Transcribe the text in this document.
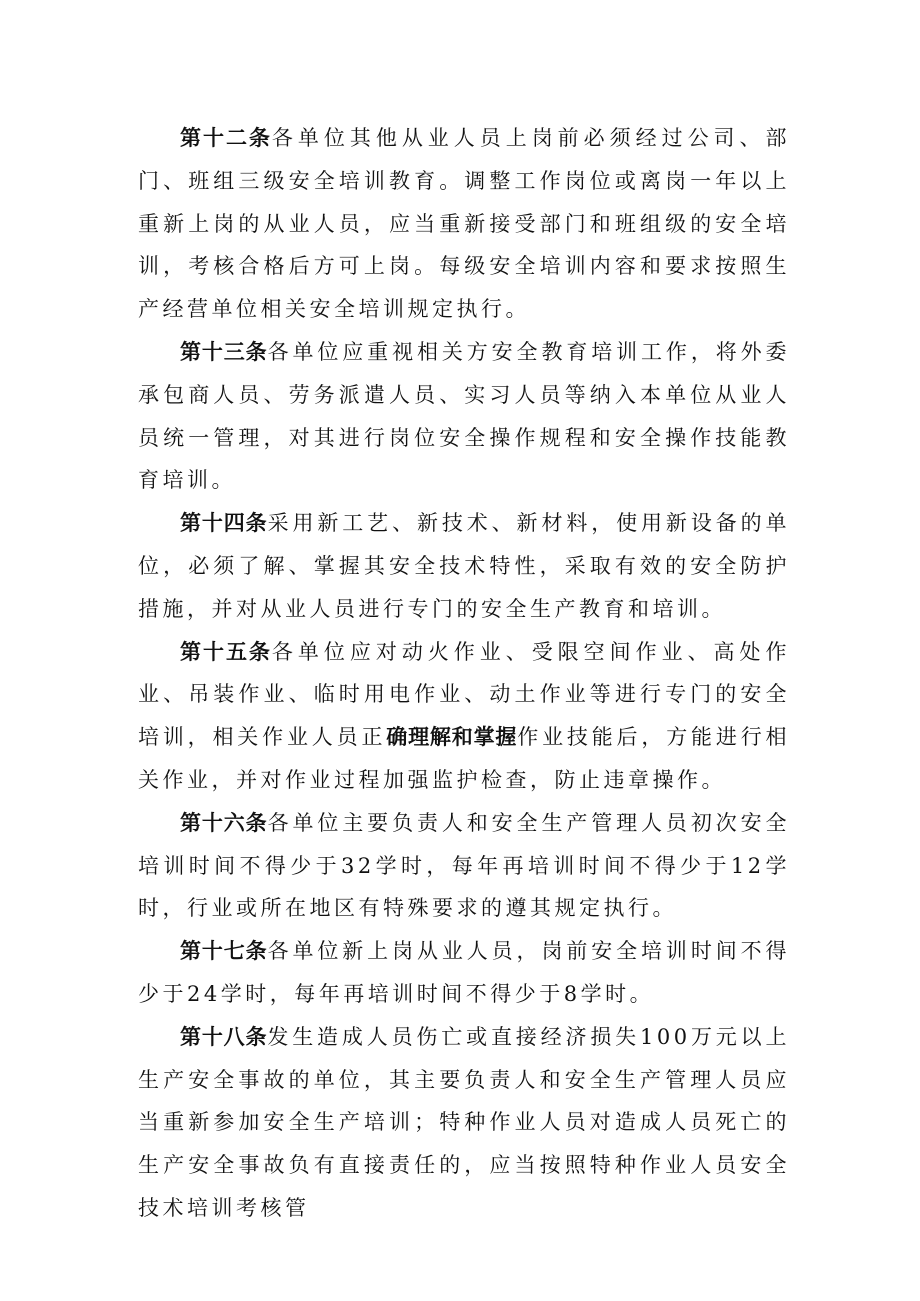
第十二条各单位其他从业人员上岗前必须经过公司、部门、班组三级安全培训教育。调整工作岗位或离岗一年以上重新上岗的从业人员，应当重新接受部门和班组级的安全培训，考核合格后方可上岗。每级安全培训内容和要求按照生产经营单位相关安全培训规定执行。

第十三条各单位应重视相关方安全教育培训工作，将外委承包商人员、劳务派遣人员、实习人员等纳入本单位从业人员统一管理，对其进行岗位安全操作规程和安全操作技能教育培训。

第十四条采用新工艺、新技术、新材料，使用新设备的单位，必须了解、掌握其安全技术特性，采取有效的安全防护措施，并对从业人员进行专门的安全生产教育和培训。

第十五条各单位应对动火作业、受限空间作业、高处作业、吊装作业、临时用电作业、动土作业等进行专门的安全培训，相关作业人员正确理解和掌握作业技能后，方能进行相关作业，并对作业过程加强监护检查，防止违章操作。

第十六条各单位主要负责人和安全生产管理人员初次安全培训时间不得少于32学时，每年再培训时间不得少于12学时，行业或所在地区有特殊要求的遵其规定执行。

第十七条各单位新上岗从业人员，岗前安全培训时间不得少于24学时，每年再培训时间不得少于8学时。

第十八条发生造成人员伤亡或直接经济损失100万元以上生产安全事故的单位，其主要负责人和安全生产管理人员应当重新参加安全生产培训；特种作业人员对造成人员死亡的生产安全事故负有直接责任的，应当按照特种作业人员安全技术培训考核管
